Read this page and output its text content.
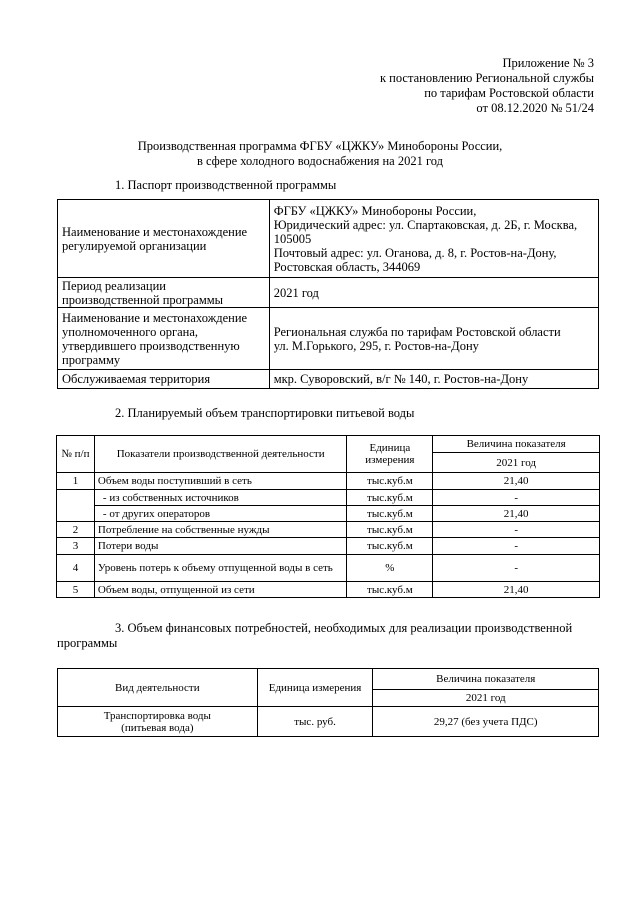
Приложение № 3
к постановлению Региональной службы
по тарифам Ростовской области
от 08.12.2020 № 51/24
Производственная программа ФГБУ «ЦЖКУ» Минобороны России,
в сфере холодного водоснабжения на 2021 год
1. Паспорт производственной программы
Наименование и местонахождение регулируемой организации	ФГБУ «ЦЖКУ» Минобороны России,
Юридический адрес: ул. Спартаковская, д. 2Б, г. Москва,
105005
Почтовый адрес: ул. Оганова, д. 8, г. Ростов-на-Дону,
Ростовская область, 344069

Период реализации производственной программы	2021 год
Наименование и местонахождение уполномоченного органа, утвердившего производственную программу	Региональная служба по тарифам Ростовской области
ул. М.Горького, 295, г. Ростов-на-Дону

Обслуживаемая территория	мкр. Суворовский, в/г № 140, г. Ростов-на-Дону
2. Планируемый объем транспортировки питьевой воды
№ п/п	Показатели производственной деятельности	Единица измерения	Величина показателя
			2021 год
1	Объем воды поступивший в сеть	тыс.куб.м	21,40
	- из собственных источников	тыс.куб.м	-
	- от других операторов	тыс.куб.м	21,40
2	Потребление на собственные нужды	тыс.куб.м	-
3	Потери воды	тыс.куб.м	-
4	Уровень потерь к объему отпущенной воды в сеть	%	-
5	Объем воды, отпущенной из сети	тыс.куб.м	21,40
3. Объем финансовых потребностей, необходимых для реализации производственной
программы
Вид деятельности	Единица измерения	Величина показателя
		2021 год

Транспортировка воды
(питьевая вода)	тыс. руб.	29,27 (без учета ПДС)
